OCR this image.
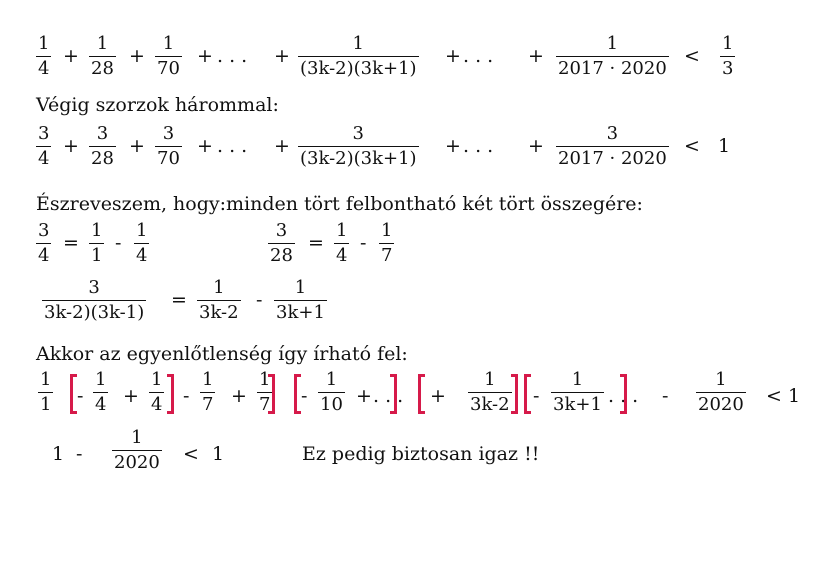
$\frac{1}{4} + \frac{1}{28} + \frac{1}{70}$ + . . . + $\frac{1}{(3k-2)(3k+1)}$ + . . . + $\frac{1}{2017 \cdot 2020} < \frac{1}{3}$
Végig szorzok hárommal:
$\frac{3}{4} + \frac{3}{28} + \frac{3}{70}$ + . . . + $\frac{3}{(3k-2)(3k+1)}$ + . . . + $\frac{3}{2017 \cdot 2020} < 1$
Észreveszem, hogy:minden tört felbontható két tört összegére:
$\frac{3}{4} = \frac{1}{1} - \frac{1}{4}$	$\frac{3}{28} = \frac{1}{4} - \frac{1}{7}$
$\frac{3}{3k-2)(3k-1)} = \frac{1}{3k-2} - \frac{1}{3k+1}$
Akkor az egyenlőtlenség így írható fel:
$\frac{1}{1} - \frac{1}{4} + \frac{1}{4} - \frac{1}{7} + \frac{1}{7} - \frac{1}{10}$ + . . . + $\frac{1}{3k-2} - \frac{1}{3k+1}$ . . . - $\frac{1}{2020} < 1$
$1 - \frac{1}{2020} < 1$	Ez pedig biztosan igaz !!
